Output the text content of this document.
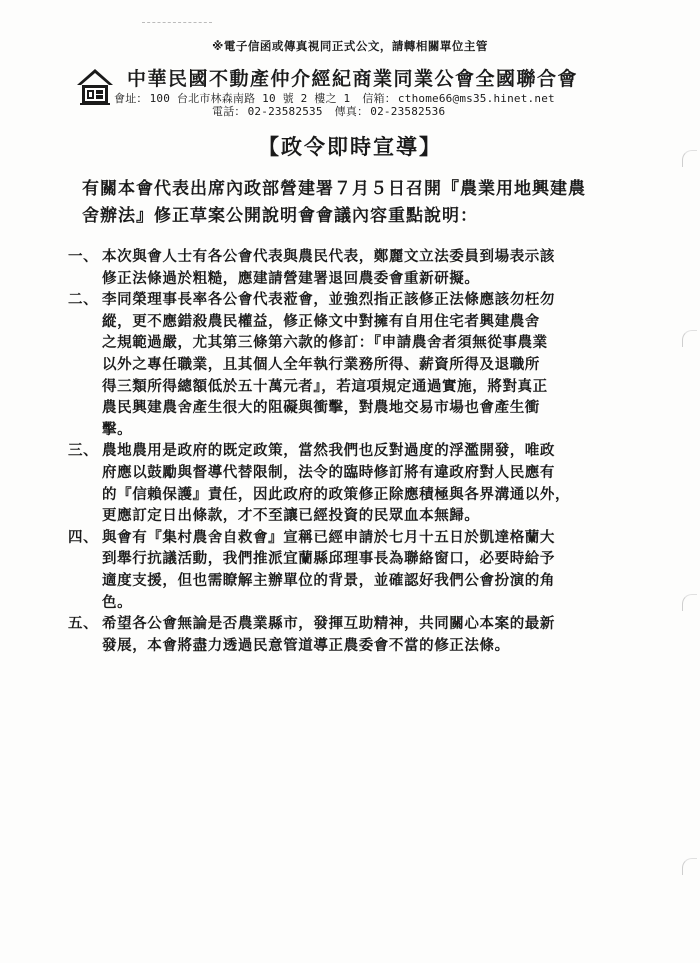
※電子信函或傳真視同正式公文，請轉相關單位主管
中華民國不動產仲介經紀商業同業公會全國聯合會
會址： 100 台北市林森南路 10 號 2 樓之 1 信箱： cthome66@ms35.hinet.net
電話： 02-23582535 傳真： 02-23582536
【政令即時宣導】
有關本會代表出席內政部營建署７月５日召開『農業用地興建農
舍辦法』修正草案公開說明會會議內容重點說明：
一、 本次與會人士有各公會代表與農民代表，鄭麗文立法委員到場表示該
修正法條過於粗糙，應建請營建署退回農委會重新研擬。
二、 李同榮理事長率各公會代表蒞會，並強烈指正該修正法條應該勿枉勿
縱，更不應錯殺農民權益，修正條文中對擁有自用住宅者興建農舍
之規範過嚴，尤其第三條第六款的修訂：『申請農舍者須無從事農業
以外之專任職業，且其個人全年執行業務所得、薪資所得及退職所
得三類所得總額低於五十萬元者』，若這項規定通過實施，將對真正
農民興建農舍產生很大的阻礙與衝擊，對農地交易市場也會產生衝
擊。
三、 農地農用是政府的既定政策，當然我們也反對過度的浮濫開發，唯政
府應以鼓勵與督導代替限制，法令的臨時修訂將有違政府對人民應有
的『信賴保護』責任，因此政府的政策修正除應積極與各界溝通以外，
更應訂定日出條款，才不至讓已經投資的民眾血本無歸。
四、 與會有『集村農舍自救會』宣稱已經申請於七月十五日於凱達格蘭大
到舉行抗議活動，我們推派宜蘭縣邱理事長為聯絡窗口，必要時給予
適度支援，但也需瞭解主辦單位的背景，並確認好我們公會扮演的角
色。
五、 希望各公會無論是否農業縣市，發揮互助精神，共同關心本案的最新
發展，本會將盡力透過民意管道導正農委會不當的修正法條。
